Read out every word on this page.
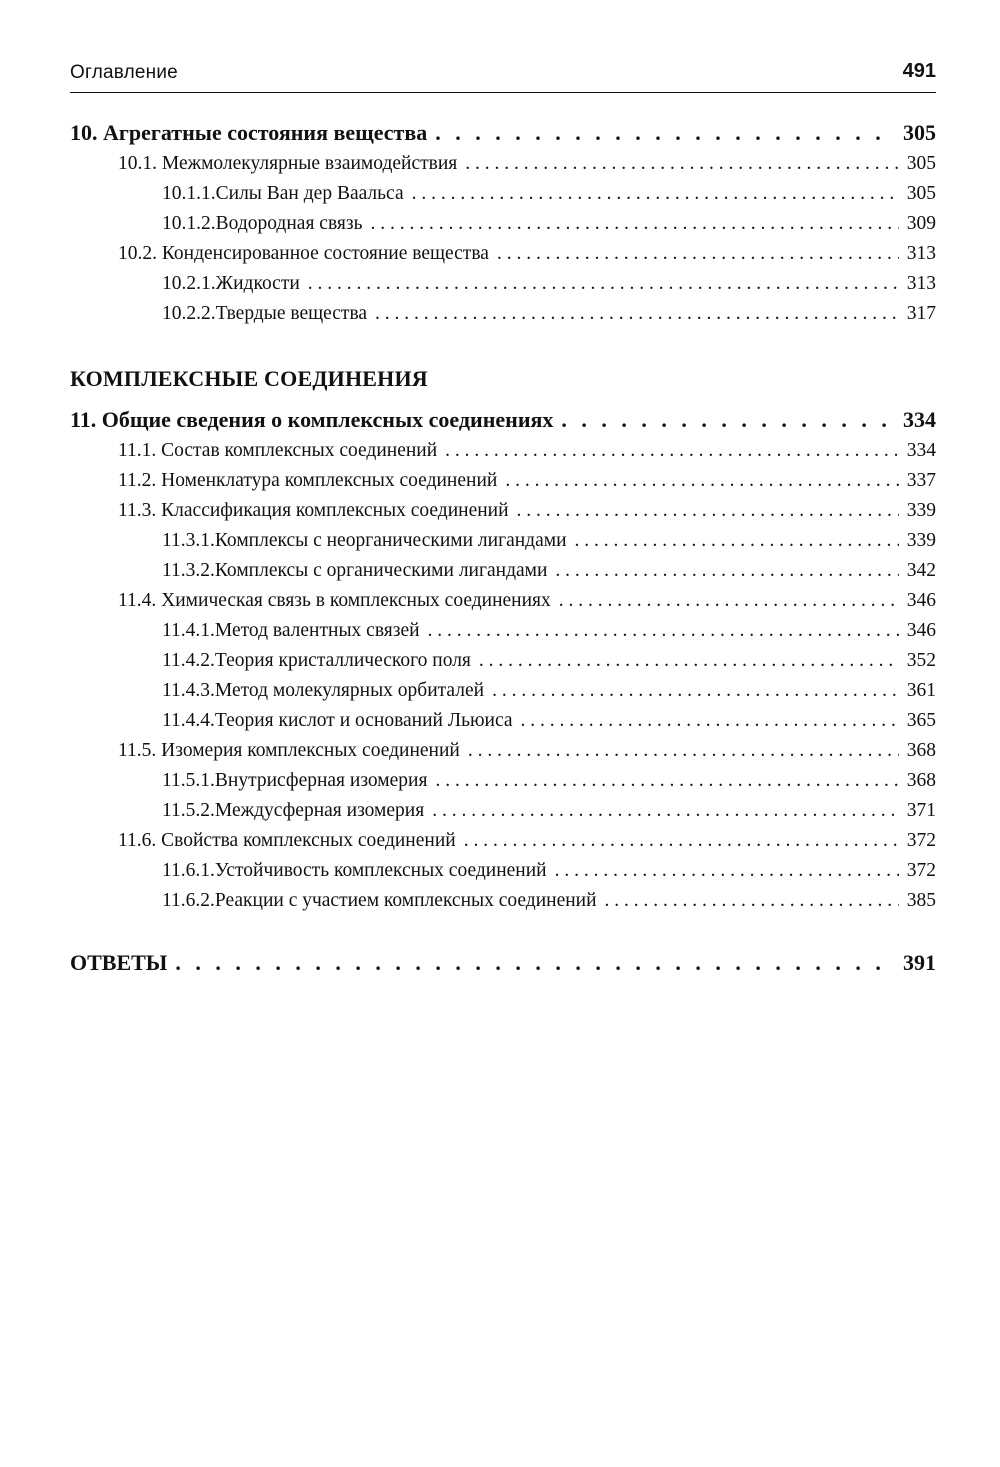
Оглавление	491
10. Агрегатные состояния вещества . . .	305
10.1. Межмолекулярные взаимодействия . . .	305
10.1.1.Силы Ван дер Ваальса . . .	305
10.1.2.Водородная связь . . .	309
10.2. Конденсированное состояние вещества . . .	313
10.2.1.Жидкости . . .	313
10.2.2.Твердые вещества . . .	317
КОМПЛЕКСНЫЕ СОЕДИНЕНИЯ
11. Общие сведения о комплексных соединениях . . .	334
11.1. Состав комплексных соединений . . .	334
11.2. Номенклатура комплексных соединений . . .	337
11.3. Классификация комплексных соединений . . .	339
11.3.1.Комплексы с неорганическими лигандами . . .	339
11.3.2.Комплексы с органическими лигандами . . .	342
11.4. Химическая связь в комплексных соединениях . . .	346
11.4.1.Метод валентных связей . . .	346
11.4.2.Теория кристаллического поля . . .	352
11.4.3.Метод молекулярных орбиталей . . .	361
11.4.4.Теория кислот и оснований Льюиса . . .	365
11.5. Изомерия комплексных соединений . . .	368
11.5.1.Внутрисферная изомерия . . .	368
11.5.2.Междусферная изомерия . . .	371
11.6. Свойства комплексных соединений . . .	372
11.6.1.Устойчивость комплексных соединений . . .	372
11.6.2.Реакции с участием комплексных соединений . . .	385
ОТВЕТЫ . . .	391
